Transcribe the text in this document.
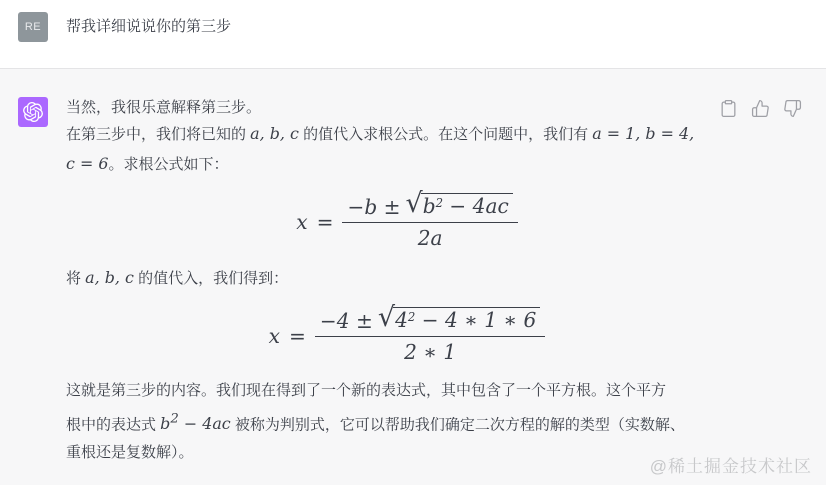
RE 帮我详细说说你的第三步

当然，我很乐意解释第三步。

在第三步中，我们将已知的 a, b, c 的值代入求根公式。在这个问题中，我们有 a = 1, b = 4,
c = 6。求根公式如下：

$x = \frac{-b \pm √ b^2 - 4ac}{2a}$

将 a, b, c 的值代入，我们得到：

x =
−4 ± √ $4^2 - 4$ ∗ 1 ∗ 6
2 ∗ 1

这就是第三步的内容。我们现在得到了一个新的表达式，其中包含了一个平方根。这个平方
根中的表达式 $b^2 - 4ac$ 被称为判别式，它可以帮助我们确定二次方程的解的类型（实数解、
重根还是复数解）。

@稀土掘金技术社区
